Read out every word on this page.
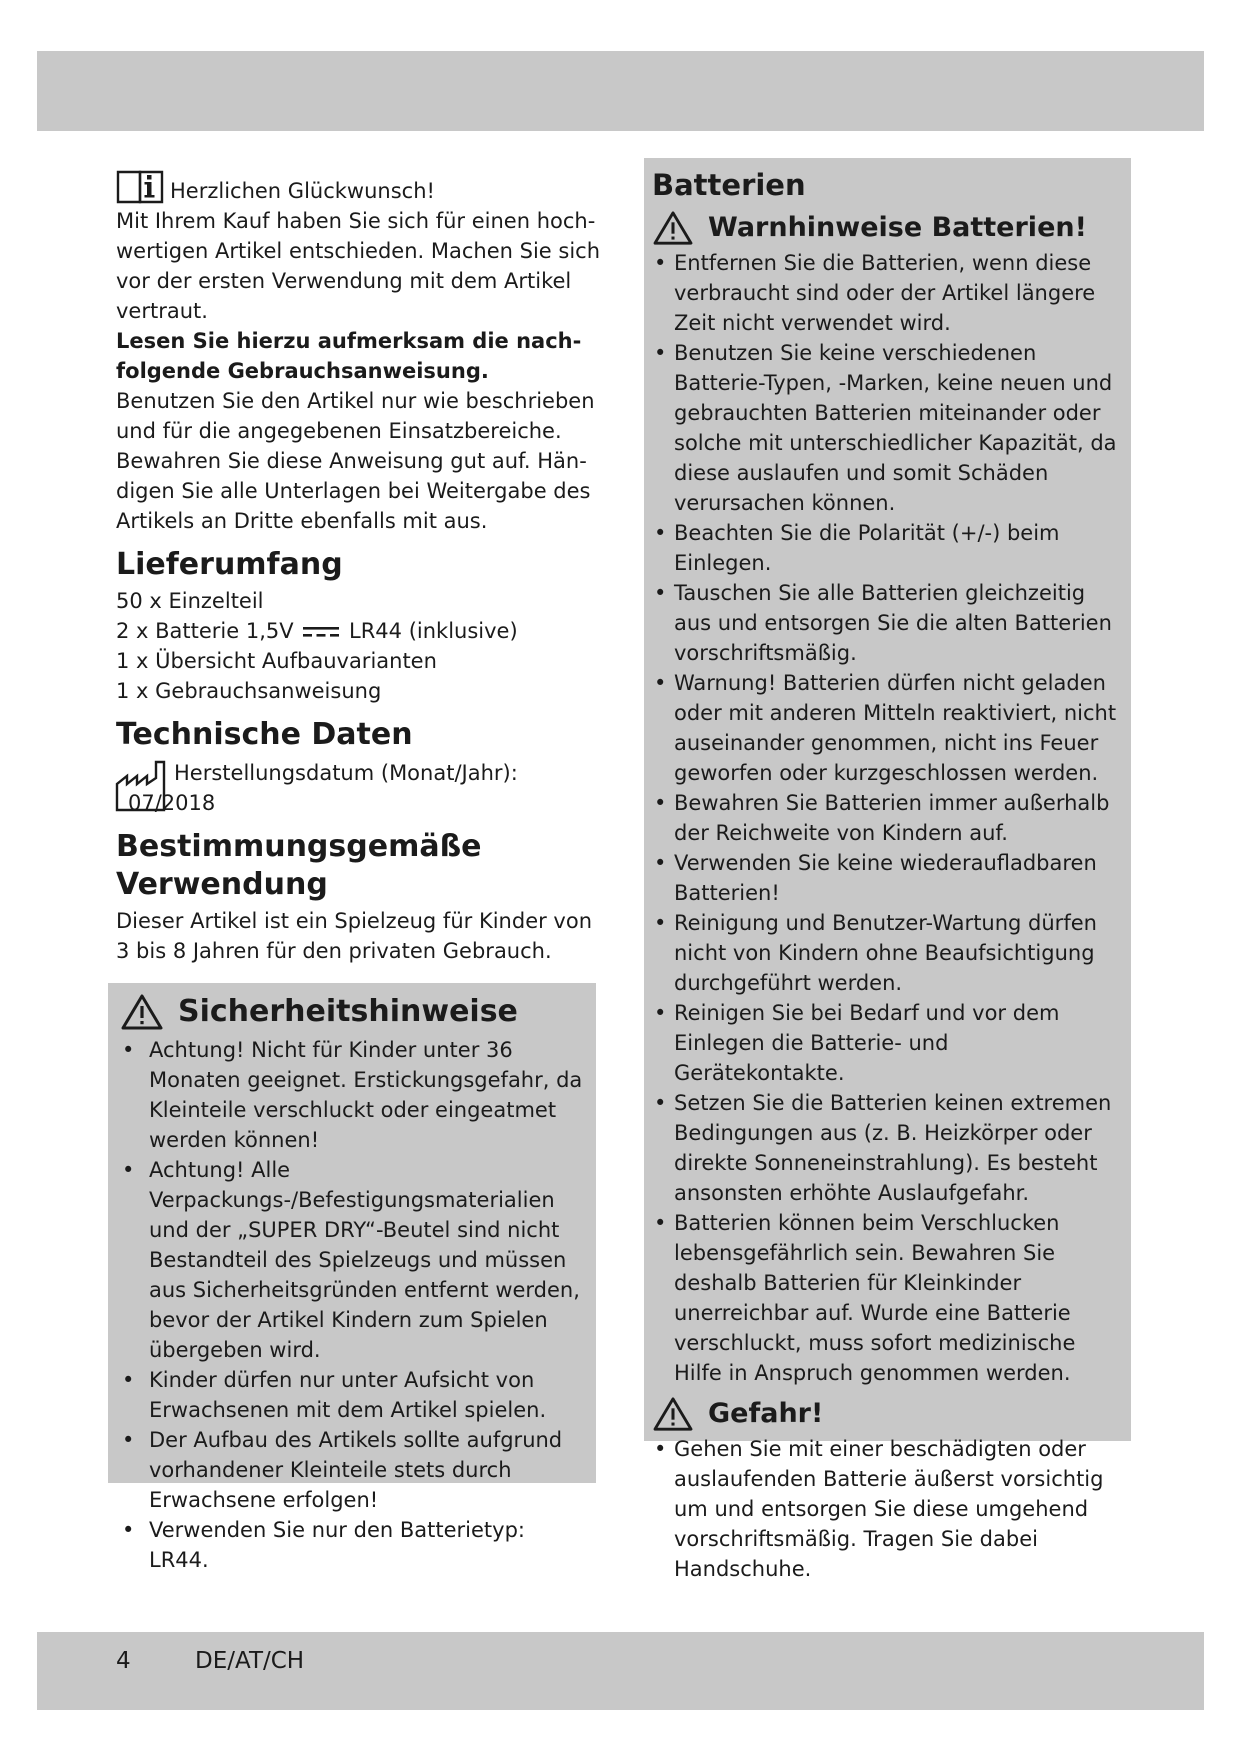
Herzlichen Glückwunsch!

Mit Ihrem Kauf haben Sie sich für einen hoch-

wertigen Artikel entschieden. Machen Sie sich

vor der ersten Verwendung mit dem Artikel

vertraut.

Lesen Sie hierzu aufmerksam die nach-

folgende Gebrauchsanweisung.

Benutzen Sie den Artikel nur wie beschrieben

und für die angegebenen Einsatzbereiche.

Bewahren Sie diese Anweisung gut auf. Hän-

digen Sie alle Unterlagen bei Weitergabe des

Artikels an Dritte ebenfalls mit aus.

Lieferumfang

50 x Einzelteil

2 x Batterie 1,5V	LR44 (inklusive)

1 x Übersicht Aufbauvarianten

1 x Gebrauchsanweisung

Technische Daten

Herstellungsdatum (Monat/Jahr):

07/2018

Bestimmungsgemäße
Verwendung

Dieser Artikel ist ein Spielzeug für Kinder von

3 bis 8 Jahren für den privaten Gebrauch.

Sicherheitshinweise
• Achtung! Nicht für Kinder unter 36 Monaten geeignet. Erstickungsgefahr, da Kleinteile verschluckt oder eingeatmet werden können!
• Achtung! Alle Verpackungs-/Befestigungsmaterialien und der „SUPER DRY“-Beutel sind nicht Bestandteil des Spielzeugs und müssen aus Sicherheitsgründen entfernt werden, bevor der Artikel Kindern zum Spielen übergeben wird.
• Kinder dürfen nur unter Aufsicht von Erwachsenen mit dem Artikel spielen.
• Der Aufbau des Artikels sollte aufgrund vorhandener Kleinteile stets durch Erwachsene erfolgen!
• Verwenden Sie nur den Batterietyp: LR44.
Batterien
Warnhinweise Batterien!
• Entfernen Sie die Batterien, wenn diese verbraucht sind oder der Artikel längere Zeit nicht verwendet wird.
• Benutzen Sie keine verschiedenen Batterie-Typen, -Marken, keine neuen und gebrauchten Batterien miteinander oder solche mit unterschiedlicher Kapazität, da diese auslaufen und somit Schäden verursachen können.
• Beachten Sie die Polarität (+/-) beim Einlegen.
• Tauschen Sie alle Batterien gleichzeitig aus und entsorgen Sie die alten Batterien vorschriftsmäßig.
• Warnung! Batterien dürfen nicht geladen oder mit anderen Mitteln reaktiviert, nicht auseinander genommen, nicht ins Feuer geworfen oder kurzgeschlossen werden.
• Bewahren Sie Batterien immer außerhalb der Reichweite von Kindern auf.
• Verwenden Sie keine wiederaufladbaren Batterien!
• Reinigung und Benutzer-Wartung dürfen nicht von Kindern ohne Beaufsichtigung durchgeführt werden.
• Reinigen Sie bei Bedarf und vor dem Einlegen die Batterie- und Gerätekontakte.
• Setzen Sie die Batterien keinen extremen Bedingungen aus (z. B. Heizkörper oder direkte Sonneneinstrahlung). Es besteht ansonsten erhöhte Auslaufgefahr.
• Batterien können beim Verschlucken lebensgefährlich sein. Bewahren Sie deshalb Batterien für Kleinkinder unerreichbar auf. Wurde eine Batterie verschluckt, muss sofort medizinische Hilfe in Anspruch genommen werden.
Gefahr!
• Gehen Sie mit einer beschädigten oder auslaufenden Batterie äußerst vorsichtig um und entsorgen Sie diese umgehend vorschriftsmäßig. Tragen Sie dabei Handschuhe.
4	DE/AT/CH
